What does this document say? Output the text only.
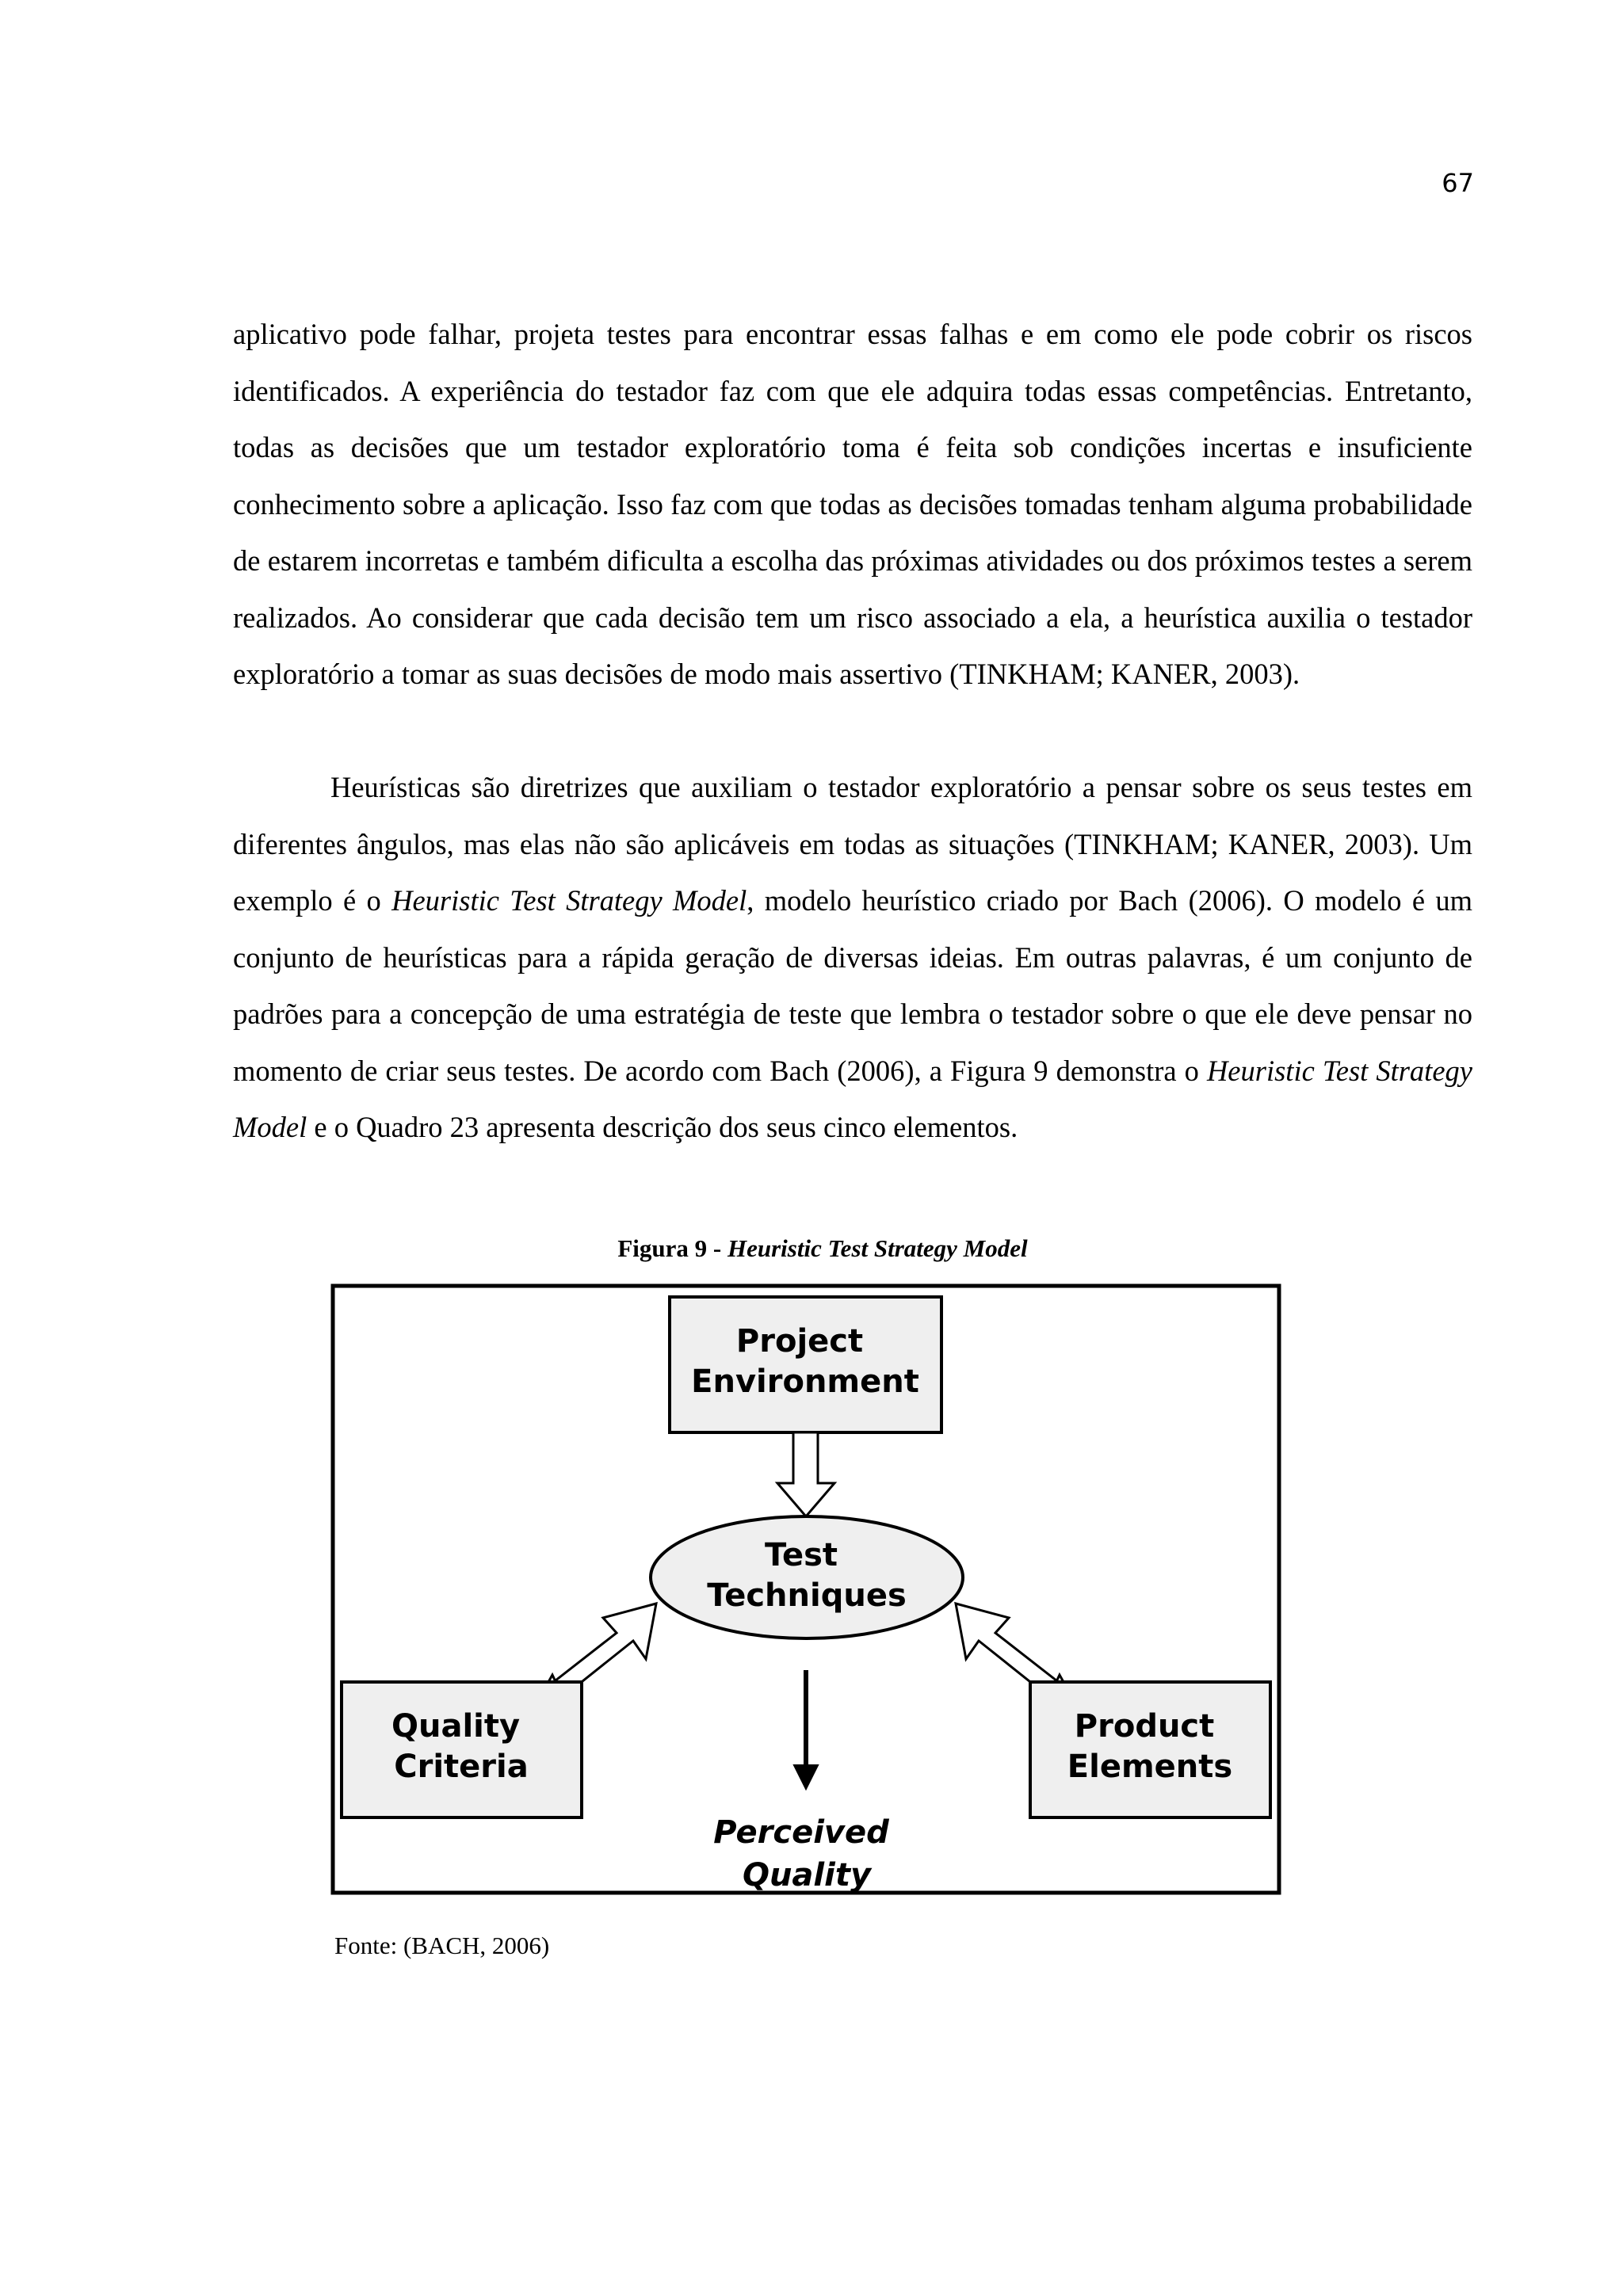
67

aplicativo pode falhar, projeta testes para encontrar essas falhas e em como ele pode cobrir os riscos identificados. A experiência do testador faz com que ele adquira todas essas competências. Entretanto, todas as decisões que um testador exploratório toma é feita sob condições incertas e insuficiente conhecimento sobre a aplicação. Isso faz com que todas as decisões tomadas tenham alguma probabilidade de estarem incorretas e também dificulta a escolha das próximas atividades ou dos próximos testes a serem realizados. Ao considerar que cada decisão tem um risco associado a ela, a heurística auxilia o testador exploratório a tomar as suas decisões de modo mais assertivo (TINKHAM; KANER, 2003).

Heurísticas são diretrizes que auxiliam o testador exploratório a pensar sobre os seus testes em diferentes ângulos, mas elas não são aplicáveis em todas as situações (TINKHAM; KANER, 2003). Um exemplo é o Heuristic Test Strategy Model, modelo heurístico criado por Bach (2006). O modelo é um conjunto de heurísticas para a rápida geração de diversas ideias. Em outras palavras, é um conjunto de padrões para a concepção de uma estratégia de teste que lembra o testador sobre o que ele deve pensar no momento de criar seus testes. De acordo com Bach (2006), a Figura 9 demonstra o Heuristic Test Strategy Model e o Quadro 23 apresenta descrição dos seus cinco elementos.

Figura 9 - Heuristic Test Strategy Model
Project Environment
Test Techniques
Quality Criteria
Product Elements
Perceived Quality
Fonte: (BACH, 2006)
